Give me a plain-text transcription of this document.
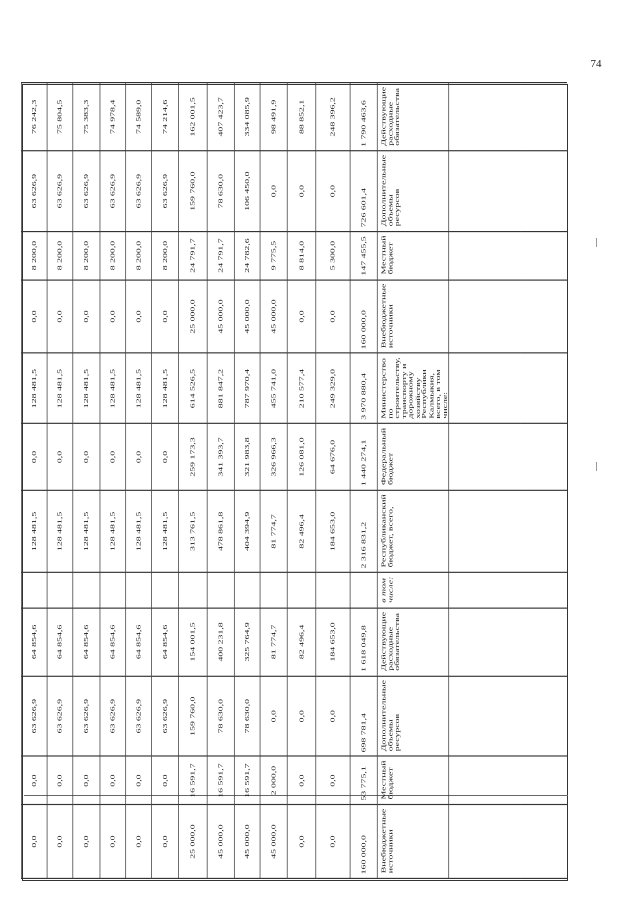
74
0,0	0,0	63 626,9	64 854,6		128 481,5	0,0	128 481,5	0,0	8 200,0	63 626,9	76 242,3
0,0	0,0	63 626,9	64 854,6		128 481,5	0,0	128 481,5	0,0	8 200,0	63 626,9	75 804,5
0,0	0,0	63 626,9	64 854,6		128 481,5	0,0	128 481,5	0,0	8 200,0	63 626,9	75 383,3
0,0	0,0	63 626,9	64 854,6		128 481,5	0,0	128 481,5	0,0	8 200,0	63 626,9	74 978,4
0,0	0,0	63 626,9	64 854,6		128 481,5	0,0	128 481,5	0,0	8 200,0	63 626,9	74 589,0
0,0	0,0	63 626,9	64 854,6		128 481,5	0,0	128 481,5	0,0	8 200,0	63 626,9	74 214,6
25 000,0	16 591,7	159 760,0	154 001,5		313 761,5	259 173,3	614 526,5	25 000,0	24 791,7	159 760,0	162 001,5
45 000,0	16 591,7	78 630,0	400 231,8		478 861,8	341 393,7	881 847,2	45 000,0	24 791,7	78 630,0	407 423,7
45 000,0	16 591,7	78 630,0	325 764,9		404 394,9	321 983,8	787 970,4	45 000,0	24 782,6	106 450,0	334 085,9
45 000,0	2 000,0	0,0	81 774,7		81 774,7	326 966,3	455 741,0	45 000,0	9 775,5	0,0	98 491,9
0,0	0,0	0,0	82 496,4		82 496,4	126 081,0	210 577,4	0,0	8 814,0	0,0	88 852,1
0,0	0,0	0,0	184 653,0		184 653,0	64 676,0	249 329,0	0,0	5 300,0	0,0	248 396,2
160 000,0	53 775,1	698 781,4	1 618 049,8		2 316 831,2	1 440 274,1	3 970 880,4	160 000,0	147 455,5	726 601,4	1 790 463,6
Внебюджетные источники	Местный бюджет	Дополнительные объемы ресурсов	Действующие расходные обязательства	в том числе:	Республиканский бюджет, всего,	Федеральный бюджет	Министерство по строительству, транспорту и дорожному хозяйству Республики Калмыкия, всего, в том числе:	Внебюджетные источники	Местный бюджет	Дополнительные объемы ресурсов	Действующие расходные обязательства
